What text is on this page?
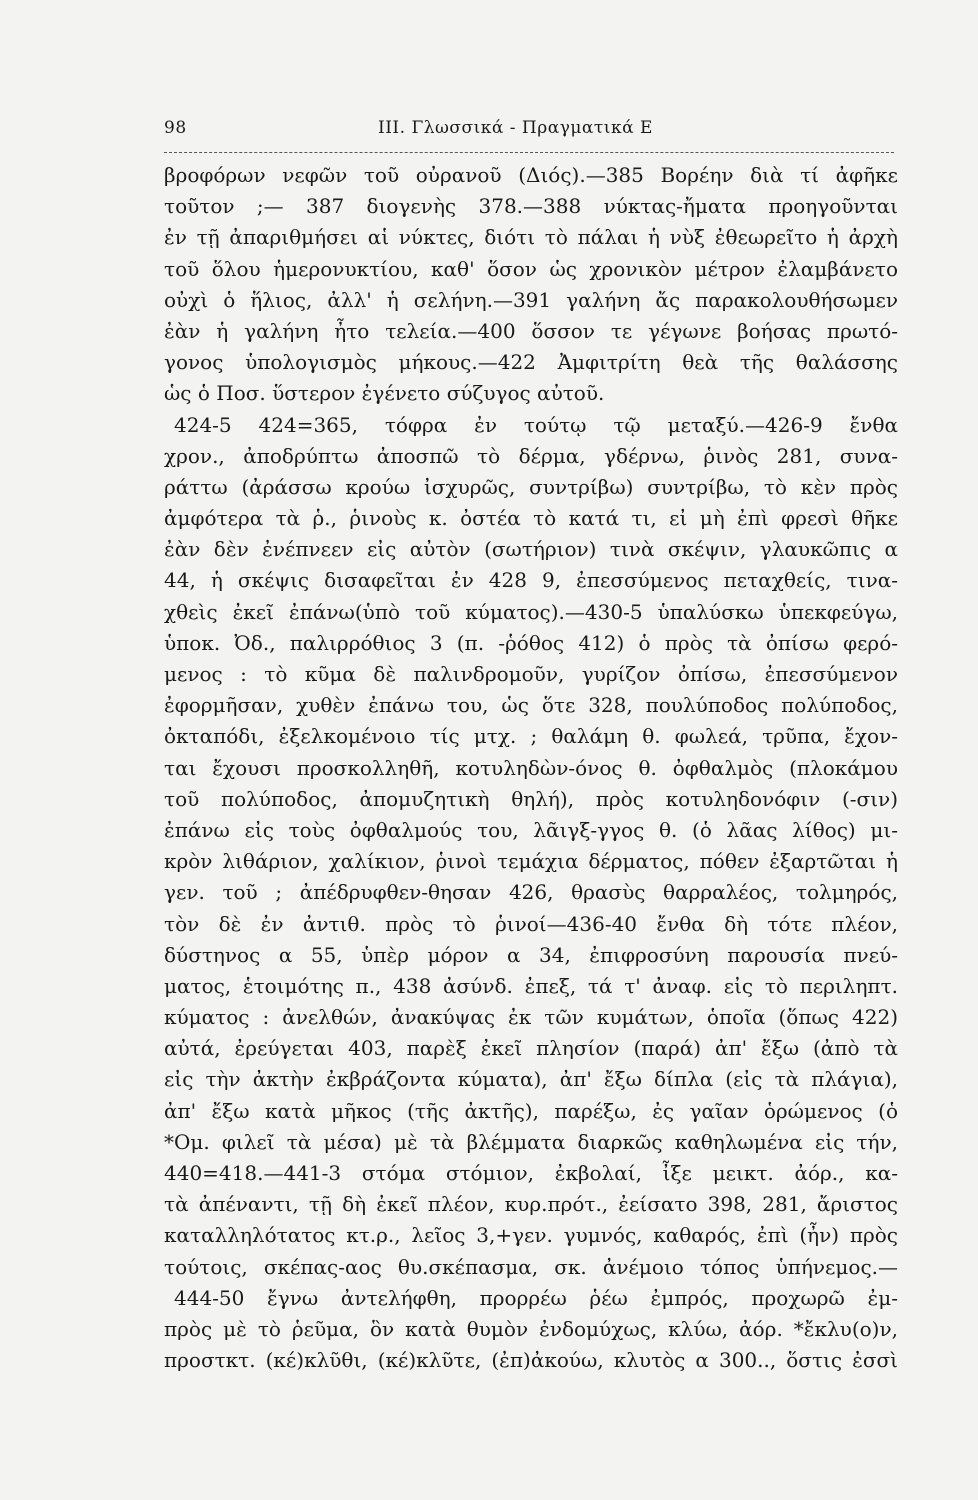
98	ΙΙΙ. Γλωσσικά - Πραγματικά Ε
βροφόρων νεφῶν τοῦ οὐρανοῦ (Διός).—385 Βορέην διὰ τί ἀφῆκε
τοῦτον ;— 387 διογενὴς 378.—388 νύκτας-ἤματα προηγοῦνται
ἐν τῇ ἀπαριθμήσει αἱ νύκτες, διότι τὸ πάλαι ἡ νὺξ ἐθεωρεῖτο ἡ ἀρχὴ
τοῦ ὅλου ἡμερονυκτίου, καθ' ὅσον ὡς χρονικὸν μέτρον ἐλαμβάνετο
οὐχὶ ὁ ἥλιος, ἀλλ' ἡ σελήνη.—391 γαλήνη ἄς παρακολουθήσωμεν
ἐὰν ἡ γαλήνη ἦτο τελεία.—400 ὅσσον τε γέγωνε βοήσας πρωτό-
γονος ὑπολογισμὸς μήκους.—422 Ἀμφιτρίτη θεὰ τῆς θαλάσσης
ὡς ὁ Ποσ. ὕστερον ἐγένετο σύζυγος αὐτοῦ.
424-5 424=365, τόφρα ἐν τούτῳ τῷ μεταξύ.—426-9 ἔνθα
χρον., ἀποδρύπτω ἀποσπῶ τὸ δέρμα, γδέρνω, ῥινὸς 281, συνα-
ράττω (ἀράσσω κρούω ἰσχυρῶς, συντρίβω) συντρίβω, τὸ κὲν πρὸς
ἀμφότερα τὰ ῥ., ῥινοὺς κ. ὀστέα τὸ κατά τι, εἰ μὴ ἐπὶ φρεσὶ θῆκε
ἐὰν δὲν ἐνέπνεεν εἰς αὐτὸν (σωτήριον) τινὰ σκέψιν, γλαυκῶπις α
44, ἡ σκέψις δισαφεῖται ἐν 428 9, ἐπεσσύμενος πεταχθείς, τινα-
χθεὶς ἐκεῖ ἐπάνω(ὑπὸ τοῦ κύματος).—430-5 ὑπαλύσκω ὑπεκφεύγω,
ὑποκ. Ὀδ., παλιρρόθιος 3 (π. -ῥόθος 412) ὁ πρὸς τὰ ὀπίσω φερό-
μενος : τὸ κῦμα δὲ παλινδρομοῦν, γυρίζον ὀπίσω, ἐπεσσύμενον
ἐφορμῆσαν, χυθὲν ἐπάνω του, ὡς ὅτε 328, πουλύποδος πολύποδος,
ὀκταπόδι, ἐξελκομένοιο τίς μτχ. ; θαλάμη θ. φωλεά, τρῦπα, ἔχον-
ται ἔχουσι προσκολληθῆ, κοτυληδὼν-όνος θ. ὀφθαλμὸς (πλοκάμου
τοῦ πολύποδος, ἀπομυζητικὴ θηλή), πρὸς κοτυληδονόφιν (-σιν)
ἐπάνω εἰς τοὺς ὀφθαλμούς του, λᾶιγξ-γγος θ. (ὁ λᾶας λίθος) μι-
κρὸν λιθάριον, χαλίκιον, ῥινοὶ τεμάχια δέρματος, πόθεν ἐξαρτῶται ἡ
γεν. τοῦ ; ἀπέδρυφθεν-θησαν 426, θρασὺς θαρραλέος, τολμηρός,
τὸν δὲ ἐν ἀντιθ. πρὸς τὸ ῥινοί—436-40 ἔνθα δὴ τότε πλέον,
δύστηνος α 55, ὑπὲρ μόρον α 34, ἐπιφροσύνη παρουσία πνεύ-
ματος, ἑτοιμότης π., 438 ἀσύνδ. ἐπεξ, τά τ' ἀναφ. εἰς τὸ περιληπτ.
κύματος : ἀνελθών, ἀνακύψας ἐκ τῶν κυμάτων, ὁποῖα (ὅπως 422)
αὐτά, ἐρεύγεται 403, παρὲξ ἐκεῖ πλησίον (παρά) ἀπ' ἔξω (ἀπὸ τὰ
εἰς τὴν ἀκτὴν ἐκβράζοντα κύματα), ἀπ' ἔξω δίπλα (εἰς τὰ πλάγια),
ἀπ' ἔξω κατὰ μῆκος (τῆς ἀκτῆς), παρέξω, ἐς γαῖαν ὁρώμενος (ὁ
*Ομ. φιλεῖ τὰ μέσα) μὲ τὰ βλέμματα διαρκῶς καθηλωμένα εἰς τήν,
440=418.—441-3 στόμα στόμιον, ἐκβολαί, ἶξε μεικτ. ἀόρ., κα-
τὰ ἀπέναντι, τῇ δὴ ἐκεῖ πλέον, κυρ.πρότ., ἐείσατο 398, 281, ἄριστος
καταλληλότατος κτ.ρ., λεῖος 3,+γεν. γυμνός, καθαρός, ἐπὶ (ἦν) πρὸς
τούτοις, σκέπας-αος θυ.σκέπασμα, σκ. ἀνέμοιο τόπος ὑπήνεμος.—
444-50 ἔγνω ἀντελήφθη, προρρέω ῥέω ἐμπρός, προχωρῶ ἐμ-
πρὸς μὲ τὸ ῥεῦμα, ὃν κατὰ θυμὸν ἐνδομύχως, κλύω, ἀόρ. *ἔκλυ(ο)ν,
προστκτ. (κέ)κλῦθι, (κέ)κλῦτε, (ἐπ)ἀκούω, κλυτὸς α 300.., ὅστις ἐσσὶ
